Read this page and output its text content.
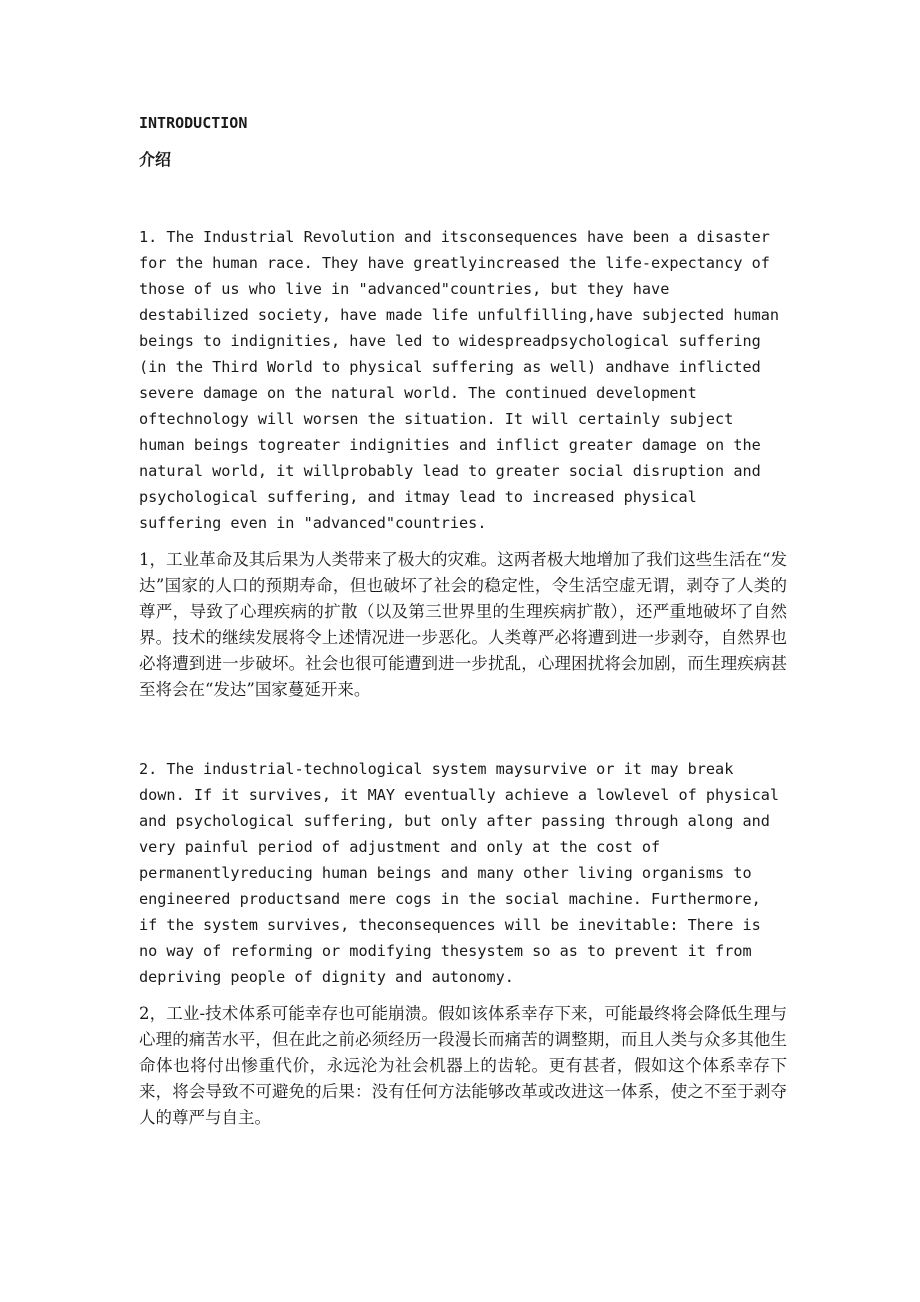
INTRODUCTION

介绍

1. The Industrial Revolution and itsconsequences have been a disaster for the human race. They have greatlyincreased the life-expectancy of those of us who live in "advanced"countries, but they have destabilized society, have made life unfulfilling,have subjected human beings to indignities, have led to widespreadpsychological suffering (in the Third World to physical suffering as well) andhave inflicted severe damage on the natural world. The continued development oftechnology will worsen the situation. It will certainly subject human beings togreater indignities and inflict greater damage on the natural world, it willprobably lead to greater social disruption and psychological suffering, and itmay lead to increased physical suffering even in "advanced"countries.

1，工业革命及其后果为人类带来了极大的灾难。这两者极大地增加了我们这些生活在“发达”国家的人口的预期寿命，但也破坏了社会的稳定性，令生活空虚无谓，剥夺了人类的尊严，导致了心理疾病的扩散（以及第三世界里的生理疾病扩散），还严重地破坏了自然界。技术的继续发展将令上述情况进一步恶化。人类尊严必将遭到进一步剥夺，自然界也必将遭到进一步破坏。社会也很可能遭到进一步扰乱，心理困扰将会加剧，而生理疾病甚至将会在“发达”国家蔓延开来。

2. The industrial-technological system maysurvive or it may break down. If it survives, it MAY eventually achieve a lowlevel of physical and psychological suffering, but only after passing through along and very painful period of adjustment and only at the cost of permanentlyreducing human beings and many other living organisms to engineered productsand mere cogs in the social machine. Furthermore, if the system survives, theconsequences will be inevitable: There is no way of reforming or modifying thesystem so as to prevent it from depriving people of dignity and autonomy.

2，工业-技术体系可能幸存也可能崩溃。假如该体系幸存下来，可能最终将会降低生理与心理的痛苦水平，但在此之前必须经历一段漫长而痛苦的调整期，而且人类与众多其他生命体也将付出惨重代价，永远沦为社会机器上的齿轮。更有甚者，假如这个体系幸存下来，将会导致不可避免的后果：没有任何方法能够改革或改进这一体系，使之不至于剥夺人的尊严与自主。
